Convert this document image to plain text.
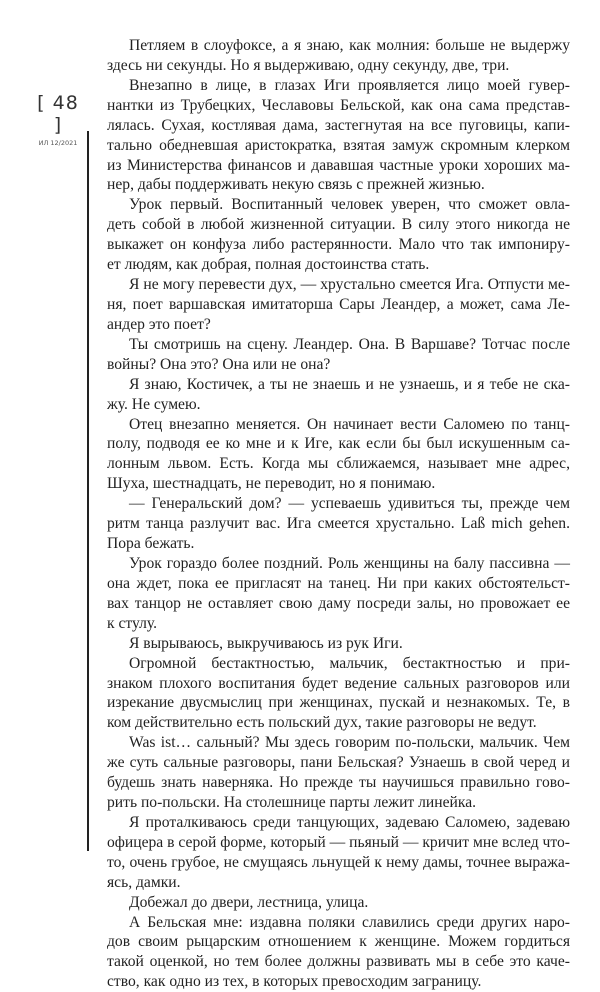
[ 48 ]
ИЛ 12/2021
Петляем в слоуфоксе, а я знаю, как молния: больше не выдержу
здесь ни секунды. Но я выдерживаю, одну секунду, две, три.
Внезапно в лице, в глазах Иги проявляется лицо моей гувер-
нантки из Трубецких, Чеславовы Бельской, как она сама представ-
лялась. Сухая, костлявая дама, застегнутая на все пуговицы, капи-
тально обедневшая аристократка, взятая замуж скромным клерком
из Министерства финансов и дававшая частные уроки хороших ма-
нер, дабы поддерживать некую связь с прежней жизнью.
Урок первый. Воспитанный человек уверен, что сможет овла-
деть собой в любой жизненной ситуации. В силу этого никогда не
выкажет он конфуза либо растерянности. Мало что так импониру-
ет людям, как добрая, полная достоинства стать.
Я не могу перевести дух, — хрустально смеется Ига. Отпусти ме-
ня, поет варшавская имитаторша Сары Леандер, а может, сама Ле-
андер это поет?
Ты смотришь на сцену. Леандер. Она. В Варшаве? Тотчас после
войны? Она это? Она или не она?
Я знаю, Костичек, а ты не знаешь и не узнаешь, и я тебе не ска-
жу. Не сумею.
Отец внезапно меняется. Он начинает вести Саломею по танц-
полу, подводя ее ко мне и к Иге, как если бы был искушенным са-
лонным львом. Есть. Когда мы сближаемся, называет мне адрес,
Шуха, шестнадцать, не переводит, но я понимаю.
— Генеральский дом? — успеваешь удивиться ты, прежде чем
ритм танца разлучит вас. Ига смеется хрустально. Laß mich gehen.
Пора бежать.
Урок гораздо более поздний. Роль женщины на балу пассивна —
она ждет, пока ее пригласят на танец. Ни при каких обстоятельст-
вах танцор не оставляет свою даму посреди залы, но провожает ее
к стулу.
Я вырываюсь, выкручиваюсь из рук Иги.
Огромной бестактностью, мальчик, бестактностью и при-
знаком плохого воспитания будет ведение сальных разговоров или
изрекание двусмыслиц при женщинах, пускай и незнакомых. Те, в
ком действительно есть польский дух, такие разговоры не ведут.
Was ist… сальный? Мы здесь говорим по-польски, мальчик. Чем
же суть сальные разговоры, пани Бельская? Узнаешь в свой черед и
будешь знать наверняка. Но прежде ты научишься правильно гово-
рить по-польски. На столешнице парты лежит линейка.
Я проталкиваюсь среди танцующих, задеваю Саломею, задеваю
офицера в серой форме, который — пьяный — кричит мне вслед что-
то, очень грубое, не смущаясь льнущей к нему дамы, точнее выража-
ясь, дамки.
Добежал до двери, лестница, улица.
А Бельская мне: издавна поляки славились среди других наро-
дов своим рыцарским отношением к женщине. Можем гордиться
такой оценкой, но тем более должны развивать мы в себе это каче-
ство, как одно из тех, в которых превосходим заграницу.
